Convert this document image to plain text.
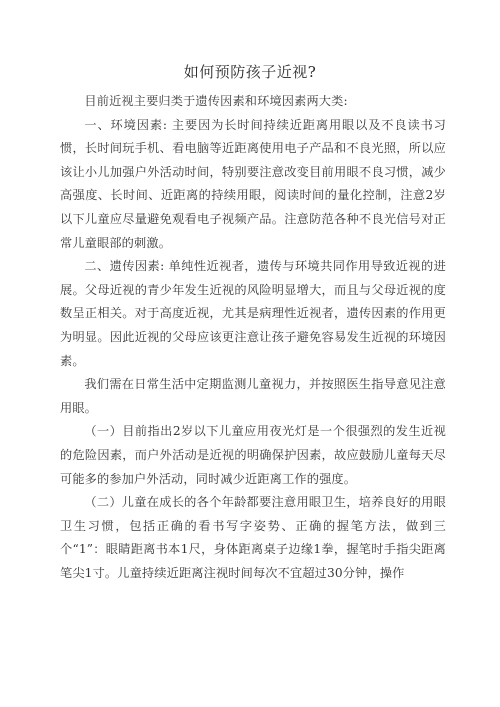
如何预防孩子近视?

目前近视主要归类于遗传因素和环境因素两大类:

一、环境因素: 主要因为长时间持续近距离用眼以及不良读书习惯，长时间玩手机、看电脑等近距离使用电子产品和不良光照，所以应该让小儿加强户外活动时间，特别要注意改变目前用眼不良习惯，减少高强度、长时间、近距离的持续用眼，阅读时间的量化控制，注意2岁以下儿童应尽量避免观看电子视频产品。注意防范各种不良光信号对正常儿童眼部的刺激。

二、遗传因素: 单纯性近视者，遗传与环境共同作用导致近视的进展。父母近视的青少年发生近视的风险明显增大，而且与父母近视的度数呈正相关。对于高度近视，尤其是病理性近视者，遗传因素的作用更为明显。因此近视的父母应该更注意让孩子避免容易发生近视的环境因素。

我们需在日常生活中定期监测儿童视力，并按照医生指导意见注意用眼。

（一）目前指出2岁以下儿童应用夜光灯是一个很强烈的发生近视的危险因素，而户外活动是近视的明确保护因素，故应鼓励儿童每天尽可能多的参加户外活动，同时减少近距离工作的强度。

（二）儿童在成长的各个年龄都要注意用眼卫生，培养良好的用眼卫生习惯，包括正确的看书写字姿势、正确的握笔方法，做到三个“1”：眼睛距离书本1尺，身体距离桌子边缘1拳，握笔时手指尖距离笔尖1寸。儿童持续近距离注视时间每次不宜超过30分钟，操作
